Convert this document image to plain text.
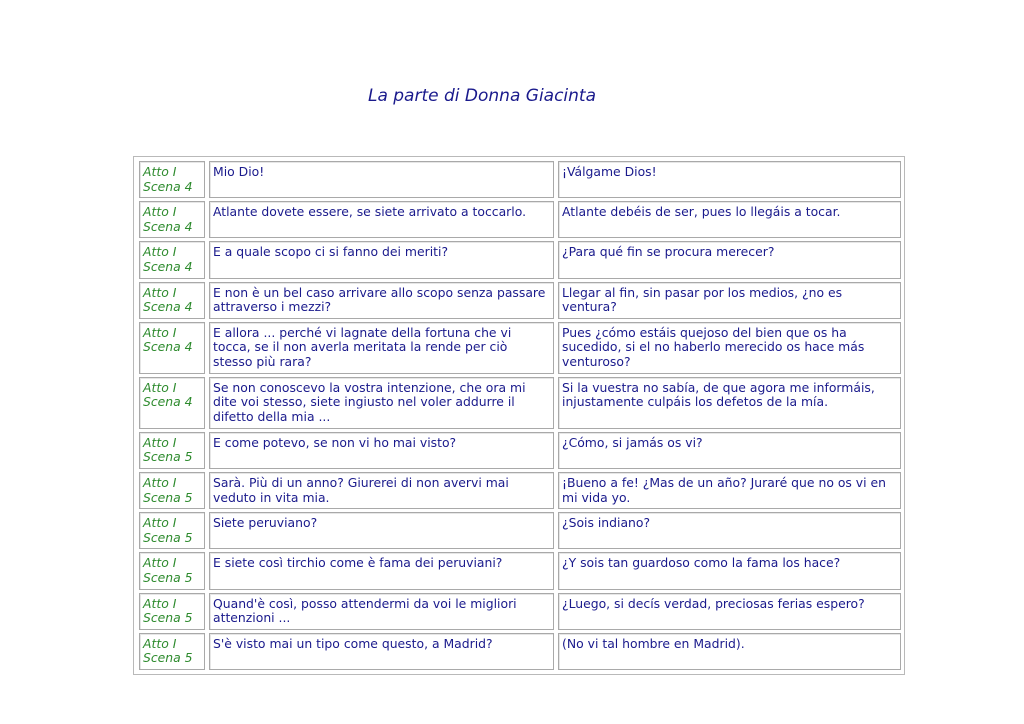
La parte di Donna Giacinta
Atto I
Scena 4	Mio Dio!	¡Válgame Dios!

Atto I
Scena 4	Atlante dovete essere, se siete arrivato a toccarlo.	Atlante debéis de ser, pues lo llegáis a tocar.

Atto I
Scena 4	E a quale scopo ci si fanno dei meriti?	¿Para qué fin se procura merecer?

Atto I
Scena 4	E non è un bel caso arrivare allo scopo senza passare attraverso i mezzi?	Llegar al fin, sin pasar por los medios, ¿no es ventura?

Atto I
Scena 4	E allora ... perché vi lagnate della fortuna che vi tocca, se il non averla meritata la rende per ciò stesso più rara?	Pues ¿cómo estáis quejoso del bien que os ha sucedido, si el no haberlo merecido os hace más venturoso?

Atto I
Scena 4	Se non conoscevo la vostra intenzione, che ora mi dite voi stesso, siete ingiusto nel voler addurre il difetto della mia ...	Si la vuestra no sabía, de que agora me informáis, injustamente culpáis los defetos de la mía.

Atto I
Scena 5	E come potevo, se non vi ho mai visto?	¿Cómo, si jamás os vi?

Atto I
Scena 5	Sarà. Più di un anno? Giurerei di non avervi mai veduto in vita mia.	¡Bueno a fe! ¿Mas de un año? Juraré que no os vi en mi vida yo.

Atto I
Scena 5	Siete peruviano?	¿Sois indiano?

Atto I
Scena 5	E siete così tirchio come è fama dei peruviani?	¿Y sois tan guardoso como la fama los hace?

Atto I
Scena 5	Quand'è così, posso attendermi da voi le migliori attenzioni ...	¿Luego, si decís verdad, preciosas ferias espero?

Atto I
Scena 5	S'è visto mai un tipo come questo, a Madrid?	(No vi tal hombre en Madrid).
